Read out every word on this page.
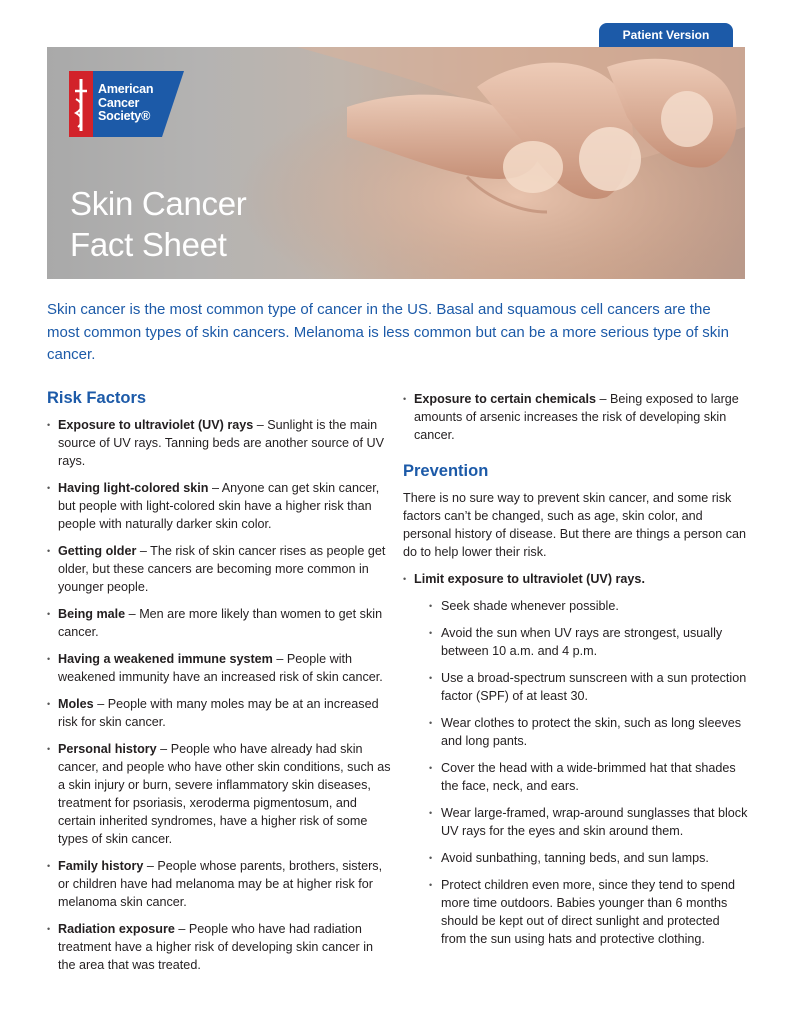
Patient Version
American
Cancer
Society®
Skin Cancer
Fact Sheet

Skin cancer is the most common type of cancer in the US. Basal and squamous cell cancers are the most common types of skin cancers. Melanoma is less common but can be a more serious type of skin cancer.

Risk Factors
• Exposure to ultraviolet (UV) rays – Sunlight is the main source of UV rays. Tanning beds are another source of UV rays.
• Having light-colored skin – Anyone can get skin cancer, but people with light-colored skin have a higher risk than people with naturally darker skin color.
• Getting older – The risk of skin cancer rises as people get older, but these cancers are becoming more common in younger people.
• Being male – Men are more likely than women to get skin cancer.
• Having a weakened immune system – People with weakened immunity have an increased risk of skin cancer.
• Moles – People with many moles may be at an increased risk for skin cancer.
• Personal history – People who have already had skin cancer, and people who have other skin conditions, such as a skin injury or burn, severe inflammatory skin diseases, treatment for psoriasis, xeroderma pigmentosum, and certain inherited syndromes, have a higher risk of some types of skin cancer.
• Family history – People whose parents, brothers, sisters, or children have had melanoma may be at higher risk for melanoma skin cancer.
• Radiation exposure – People who have had radiation treatment have a higher risk of developing skin cancer in the area that was treated.
• Exposure to certain chemicals – Being exposed to large amounts of arsenic increases the risk of developing skin cancer.
Prevention

There is no sure way to prevent skin cancer, and some risk factors can’t be changed, such as age, skin color, and personal history of disease. But there are things a person can do to help lower their risk.

• Limit exposure to ultraviolet (UV) rays.
• Seek shade whenever possible.
• Avoid the sun when UV rays are strongest, usually between 10 a.m. and 4 p.m.
• Use a broad-spectrum sunscreen with a sun protection factor (SPF) of at least 30.
• Wear clothes to protect the skin, such as long sleeves and long pants.
• Cover the head with a wide-brimmed hat that shades the face, neck, and ears.
• Wear large-framed, wrap-around sunglasses that block UV rays for the eyes and skin around them.
• Avoid sunbathing, tanning beds, and sun lamps.
• Protect children even more, since they tend to spend more time outdoors. Babies younger than 6 months should be kept out of direct sunlight and protected from the sun using hats and protective clothing.
